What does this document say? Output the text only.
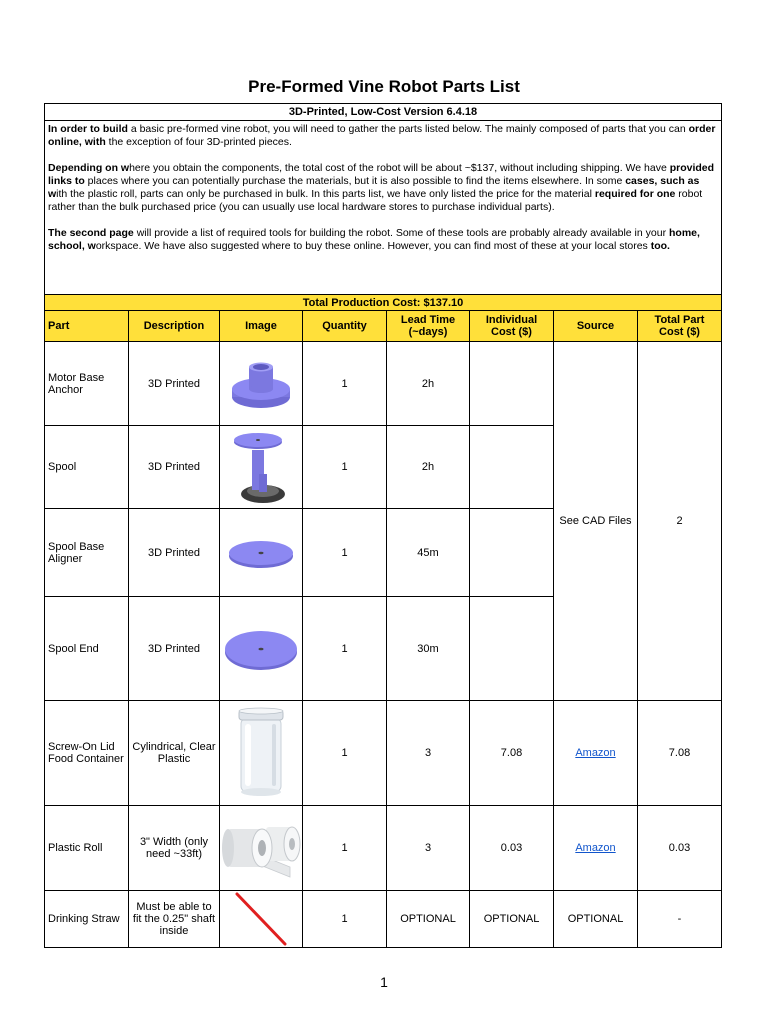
Pre-Formed Vine Robot Parts List
3D-Printed, Low-Cost Version 6.4.18							

In order to build a basic pre-formed vine robot, you will need to gather the parts listed below. The mainly composed of parts that you can order online, with the exception of four 3D-printed pieces.

Depending on where you obtain the components, the total cost of the robot will be about ~$137, without including shipping. We have provided links to places where you can potentially purchase the materials, but it is also possible to find the items elsewhere. In some cases, such as with the plastic roll, parts can only be purchased in bulk. In this parts list, we have only listed the price for the material required for one robot rather than the bulk purchased price (you can usually use local hardware stores to purchase individual parts).

The second page will provide a list of required tools for building the robot. Some of these tools are probably already available in your home, school, workspace. We have also suggested where to buy these online. However, you can find most of these at your local stores too.							

Total Production Cost: $137.10							
Part	Description	Image	Quantity	Lead Time (~days)	Individual Cost ($)	Source	Total Part Cost ($)
Motor Base Anchor	3D Printed		1	2h		See CAD Files	2
Spool	3D Printed		1	2h			
Spool Base Aligner	3D Printed		1	45m			
Spool End	3D Printed		1	30m			
Screw-On Lid Food Container	Cylindrical, Clear Plastic		1	3	7.08	Amazon	7.08
Plastic Roll	3" Width (only need ~33ft)		1	3	0.03	Amazon	0.03
Drinking Straw	Must be able to fit the 0.25" shaft inside		1	OPTIONAL	OPTIONAL	OPTIONAL	-
1
